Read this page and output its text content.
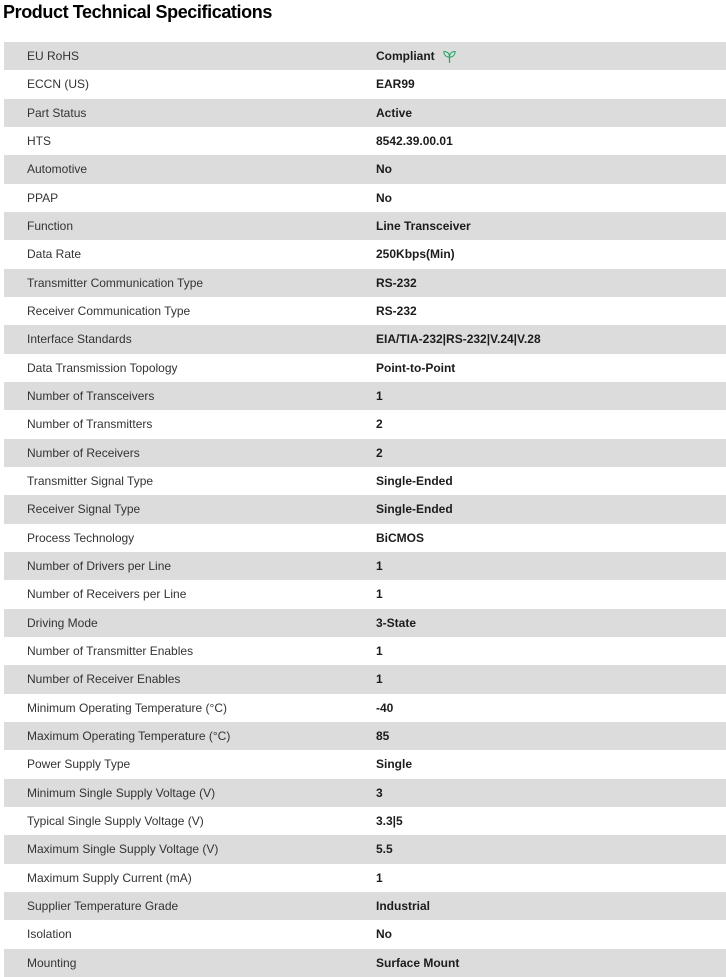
Product Technical Specifications
EU RoHS	Compliant
ECCN (US)	EAR99
Part Status	Active
HTS	8542.39.00.01
Automotive	No
PPAP	No
Function	Line Transceiver
Data Rate	250Kbps(Min)
Transmitter Communication Type	RS-232
Receiver Communication Type	RS-232
Interface Standards	EIA/TIA-232|RS-232|V.24|V.28
Data Transmission Topology	Point-to-Point
Number of Transceivers	1
Number of Transmitters	2
Number of Receivers	2
Transmitter Signal Type	Single-Ended
Receiver Signal Type	Single-Ended
Process Technology	BiCMOS
Number of Drivers per Line	1
Number of Receivers per Line	1
Driving Mode	3-State
Number of Transmitter Enables	1
Number of Receiver Enables	1
Minimum Operating Temperature (°C)	-40
Maximum Operating Temperature (°C)	85
Power Supply Type	Single
Minimum Single Supply Voltage (V)	3
Typical Single Supply Voltage (V)	3.3|5
Maximum Single Supply Voltage (V)	5.5
Maximum Supply Current (mA)	1
Supplier Temperature Grade	Industrial
Isolation	No
Mounting	Surface Mount
